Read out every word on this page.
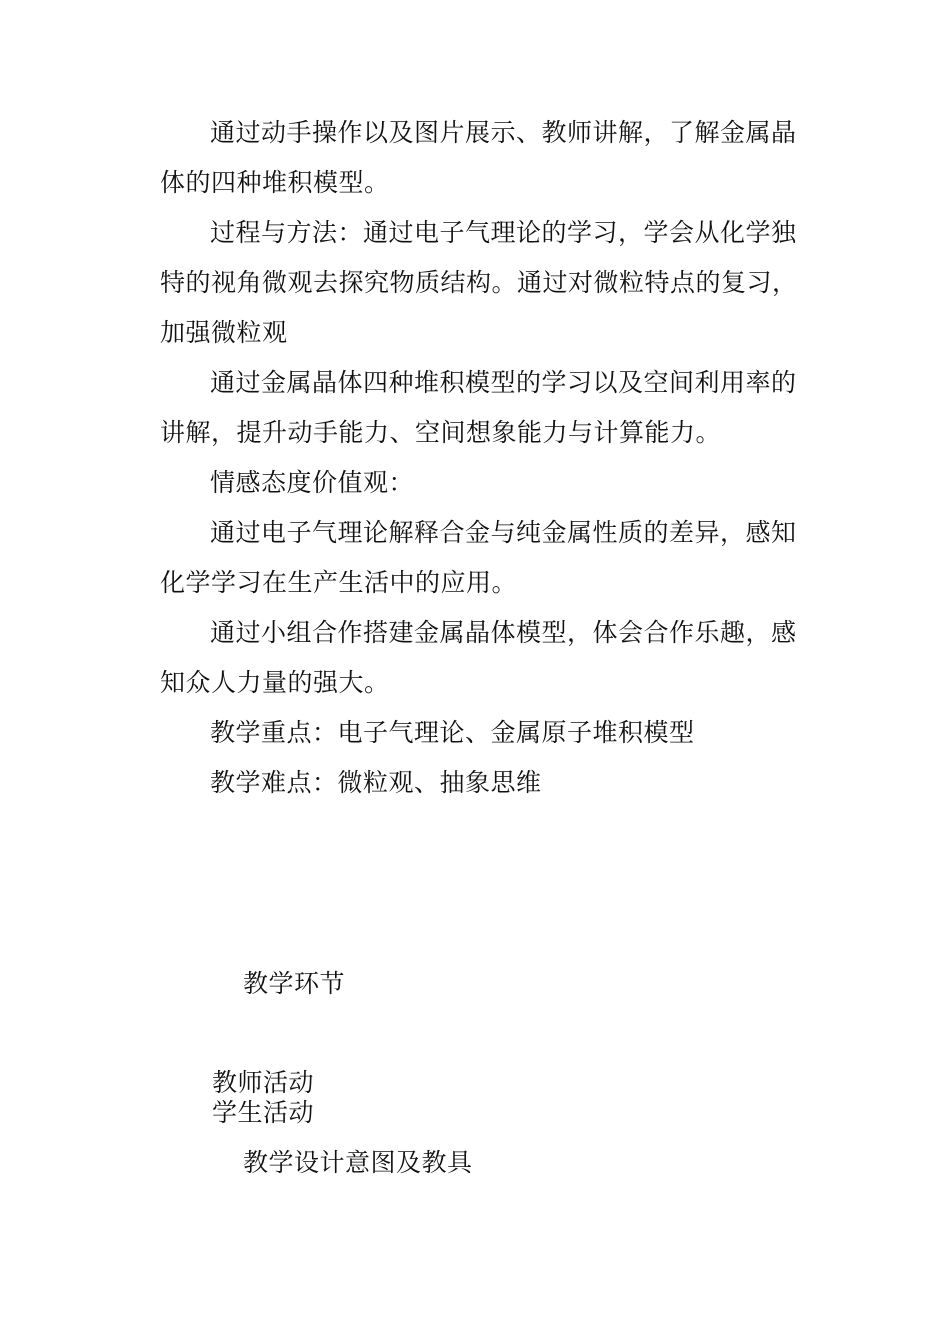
通过动手操作以及图片展示、教师讲解，了解金属晶体的四种堆积模型。

过程与方法：通过电子气理论的学习，学会从化学独特的视角微观去探究物质结构。通过对微粒特点的复习，加强微粒观

通过金属晶体四种堆积模型的学习以及空间利用率的讲解，提升动手能力、空间想象能力与计算能力。

情感态度价值观：

通过电子气理论解释合金与纯金属性质的差异，感知化学学习在生产生活中的应用。

通过小组合作搭建金属晶体模型，体会合作乐趣，感知众人力量的强大。

教学重点：电子气理论、金属原子堆积模型

教学难点：微粒观、抽象思维

教学环节

教师活动

学生活动

教学设计意图及教具
